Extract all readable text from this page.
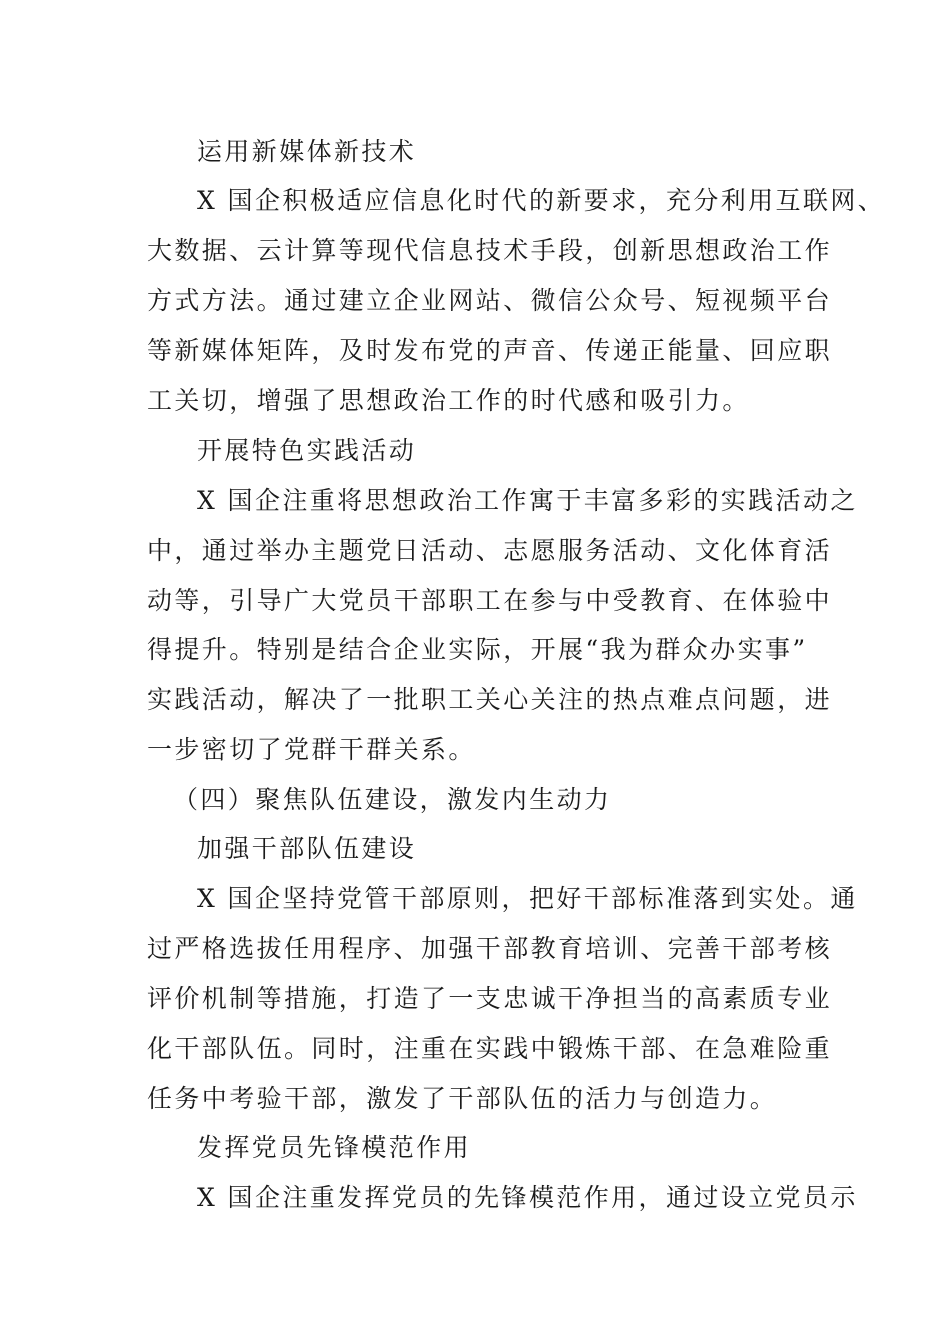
运用新媒体新技术
X 国企积极适应信息化时代的新要求，充分利用互联网、
大数据、云计算等现代信息技术手段，创新思想政治工作
方式方法。通过建立企业网站、微信公众号、短视频平台
等新媒体矩阵，及时发布党的声音、传递正能量、回应职
工关切，增强了思想政治工作的时代感和吸引力。
开展特色实践活动
X 国企注重将思想政治工作寓于丰富多彩的实践活动之
中，通过举办主题党日活动、志愿服务活动、文化体育活
动等，引导广大党员干部职工在参与中受教育、在体验中
得提升。特别是结合企业实际，开展“我为群众办实事”
实践活动，解决了一批职工关心关注的热点难点问题，进
一步密切了党群干群关系。
（四）聚焦队伍建设，激发内生动力
加强干部队伍建设
X 国企坚持党管干部原则，把好干部标准落到实处。通
过严格选拔任用程序、加强干部教育培训、完善干部考核
评价机制等措施，打造了一支忠诚干净担当的高素质专业
化干部队伍。同时，注重在实践中锻炼干部、在急难险重
任务中考验干部，激发了干部队伍的活力与创造力。
发挥党员先锋模范作用
X 国企注重发挥党员的先锋模范作用，通过设立党员示
